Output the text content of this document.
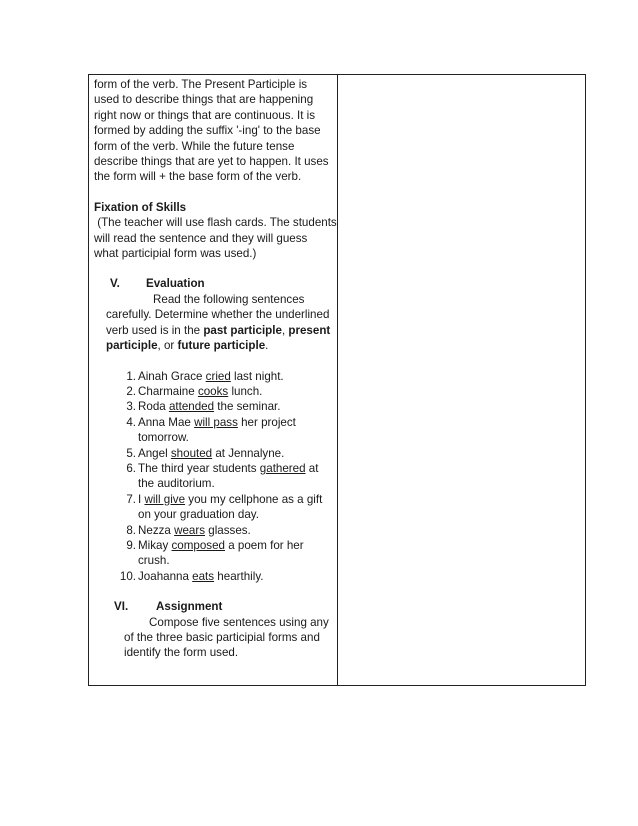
form of the verb. The Present Participle is

used to describe things that are happening

right now or things that are continuous. It is

formed by adding the suffix '-ing' to the base

form of the verb. While the future tense

describe things that are yet to happen. It uses

the form will + the base form of the verb.

Fixation of Skills

(The teacher will use flash cards. The students

will read the sentence and they will guess

what participial form was used.)

V.	Evaluation

Read the following sentences carefully. Determine whether the underlined verb used is in the past participle, present participle, or future participle.

1. Ainah Grace cried last night.
2. Charmaine cooks lunch.
3. Roda attended the seminar.
4. Anna Mae will pass her project tomorrow.
5. Angel shouted at Jennalyne.
6. The third year students gathered at the auditorium.
7. I will give you my cellphone as a gift on your graduation day.
8. Nezza wears glasses.
9. Mikay composed a poem for her crush.
10. Joahanna eats hearthily.
VI.	Assignment

Compose five sentences using any of the three basic participial forms and identify the form used.
